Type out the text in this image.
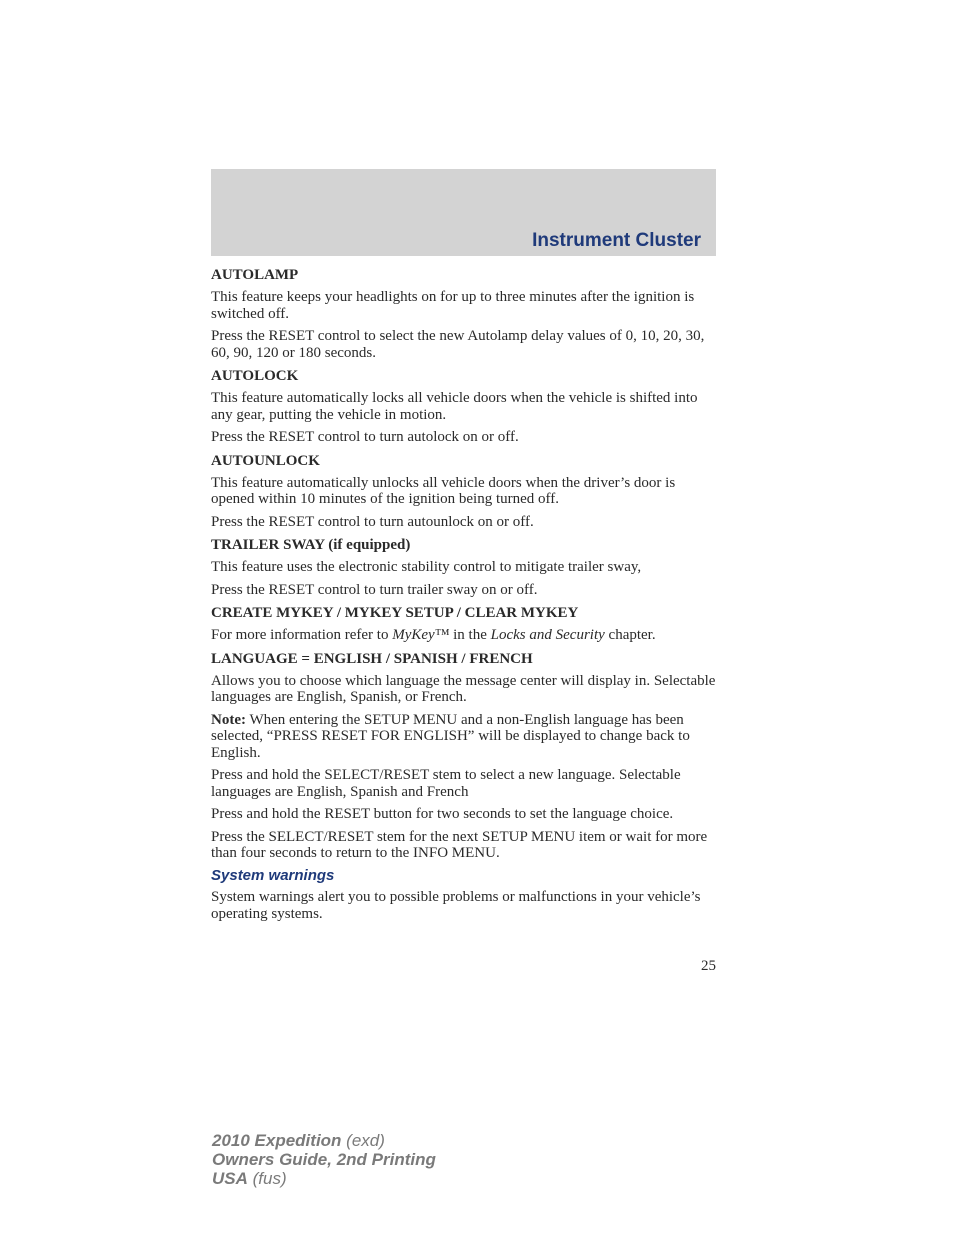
Instrument Cluster
AUTOLAMP

This feature keeps your headlights on for up to three minutes after the ignition is switched off.

Press the RESET control to select the new Autolamp delay values of 0, 10, 20, 30, 60, 90, 120 or 180 seconds.

AUTOLOCK

This feature automatically locks all vehicle doors when the vehicle is shifted into any gear, putting the vehicle in motion.

Press the RESET control to turn autolock on or off.

AUTOUNLOCK

This feature automatically unlocks all vehicle doors when the driver’s door is opened within 10 minutes of the ignition being turned off.

Press the RESET control to turn autounlock on or off.

TRAILER SWAY (if equipped)

This feature uses the electronic stability control to mitigate trailer sway,

Press the RESET control to turn trailer sway on or off.

CREATE MYKEY / MYKEY SETUP / CLEAR MYKEY

For more information refer to MyKey™ in the Locks and Security chapter.

LANGUAGE = ENGLISH / SPANISH / FRENCH

Allows you to choose which language the message center will display in. Selectable languages are English, Spanish, or French.

Note: When entering the SETUP MENU and a non-English language has been selected, “PRESS RESET FOR ENGLISH” will be displayed to change back to English.

Press and hold the SELECT/RESET stem to select a new language. Selectable languages are English, Spanish and French

Press and hold the RESET button for two seconds to set the language choice.

Press the SELECT/RESET stem for the next SETUP MENU item or wait for more than four seconds to return to the INFO MENU.

System warnings

System warnings alert you to possible problems or malfunctions in your vehicle’s operating systems.

25
2010 Expedition (exd)
Owners Guide, 2nd Printing
USA (fus)
